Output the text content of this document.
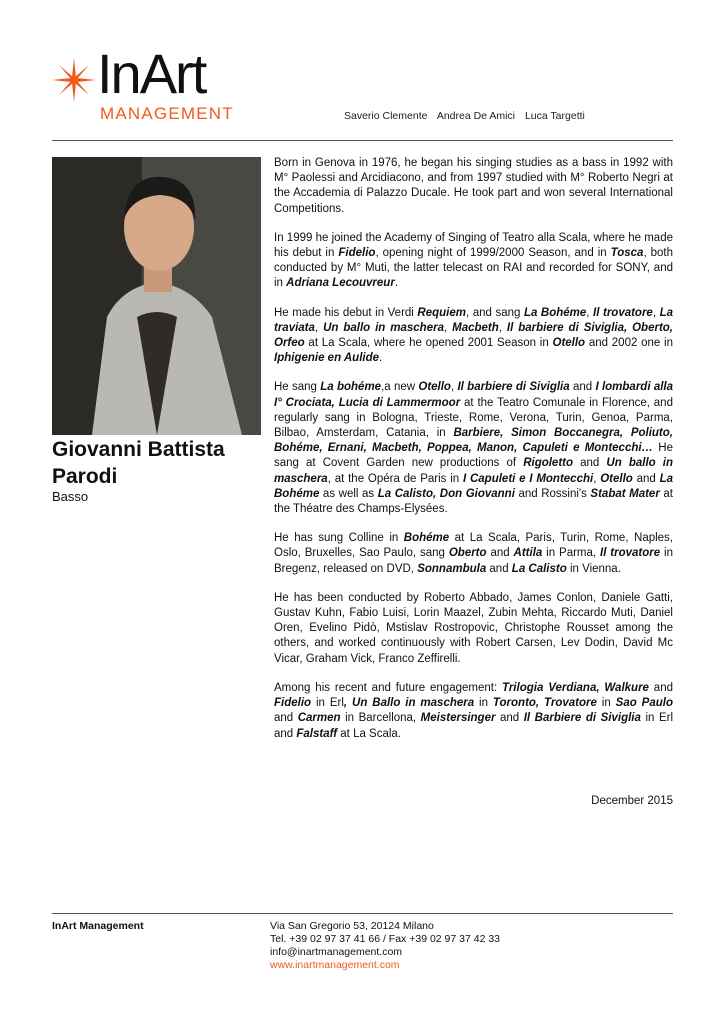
InArt
MANAGEMENT	Saverio Clemente Andrea De Amici Luca Targetti
Giovanni Battista
Parodi
Basso

Born in Genova in 1976, he began his singing studies as a bass in 1992 with M° Paolessi and Arcidiacono, and from 1997 studied with M° Roberto Negri at the Accademia di Palazzo Ducale. He took part and won several International Competitions.

In 1999 he joined the Academy of Singing of Teatro alla Scala, where he made his debut in Fidelio, opening night of 1999/2000 Season, and in Tosca, both conducted by M° Muti, the latter telecast on RAI and recorded for SONY, and in Adriana Lecouvreur.

He made his debut in Verdi Requiem, and sang La Bohéme, Il trovatore, La traviata, Un ballo in maschera, Macbeth, Il barbiere di Siviglia, Oberto, Orfeo at La Scala, where he opened 2001 Season in Otello and 2002 one in Iphigenie en Aulide.

He sang La bohéme,a new Otello, Il barbiere di Siviglia and I lombardi alla I° Crociata, Lucia di Lammermoor at the Teatro Comunale in Florence, and regularly sang in Bologna, Trieste, Rome, Verona, Turin, Genoa, Parma, Bilbao, Amsterdam, Catania, in Barbiere, Simon Boccanegra, Poliuto, Bohéme, Ernani, Macbeth, Poppea, Manon, Capuleti e Montecchi… He sang at Covent Garden new productions of Rigoletto and Un ballo in maschera, at the Opéra de Paris in I Capuleti e I Montecchi, Otello and La Bohéme as well as La Calisto, Don Giovanni and Rossini's Stabat Mater at the Théatre des Champs-Elysées.

He has sung Colline in Bohéme at La Scala, Paris, Turin, Rome, Naples, Oslo, Bruxelles, Sao Paulo, sang Oberto and Attila in Parma, Il trovatore in Bregenz, released on DVD, Sonnambula and La Calisto in Vienna.

He has been conducted by Roberto Abbado, James Conlon, Daniele Gatti, Gustav Kuhn, Fabio Luisi, Lorin Maazel, Zubin Mehta, Riccardo Muti, Daniel Oren, Evelino Pidò, Mstislav Rostropovic, Christophe Rousset among the others, and worked continuously with Robert Carsen, Lev Dodin, David Mc Vicar, Graham Vick, Franco Zeffirelli.

Among his recent and future engagement: Trilogia Verdiana, Walkure and Fidelio in Erl, Un Ballo in maschera in Toronto, Trovatore in Sao Paulo and Carmen in Barcellona, Meistersinger and Il Barbiere di Siviglia in Erl and Falstaff at La Scala.

December 2015
InArt Management	Via San Gregorio 53, 20124 Milano
Tel. +39 02 97 37 41 66 / Fax +39 02 97 37 42 33
info@inartmanagement.com
www.inartmanagement.com
